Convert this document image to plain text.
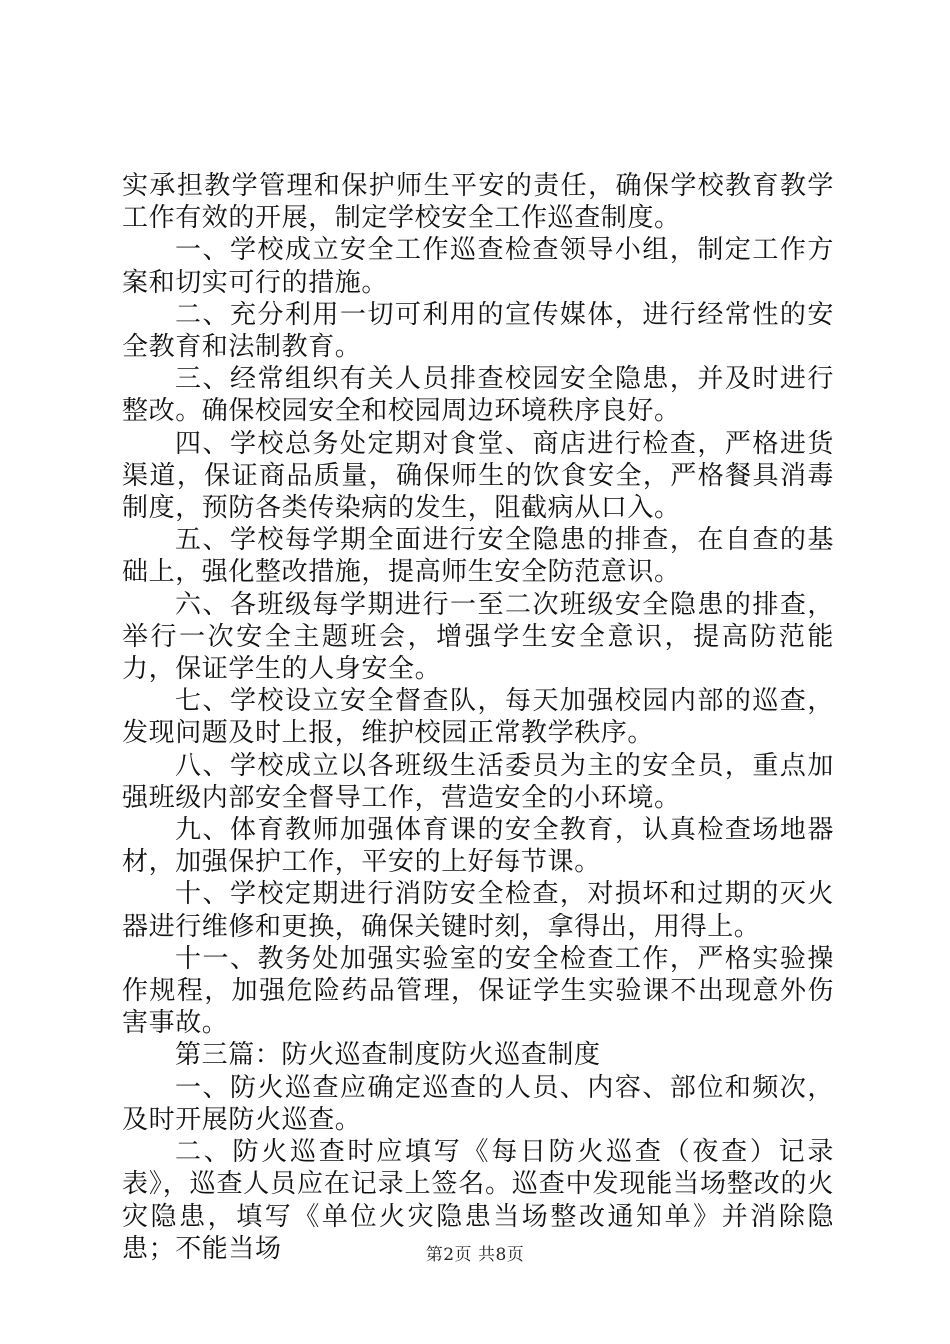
实承担教学管理和保护师生平安的责任，确保学校教育教学工作有效的开展，制定学校安全工作巡查制度。

一、学校成立安全工作巡查检查领导小组，制定工作方案和切实可行的措施。

二、充分利用一切可利用的宣传媒体，进行经常性的安全教育和法制教育。

三、经常组织有关人员排查校园安全隐患，并及时进行整改。确保校园安全和校园周边环境秩序良好。

四、学校总务处定期对食堂、商店进行检查，严格进货渠道，保证商品质量，确保师生的饮食安全，严格餐具消毒制度，预防各类传染病的发生，阻截病从口入。

五、学校每学期全面进行安全隐患的排查，在自查的基础上，强化整改措施，提高师生安全防范意识。

六、各班级每学期进行一至二次班级安全隐患的排查，举行一次安全主题班会，增强学生安全意识，提高防范能力，保证学生的人身安全。

七、学校设立安全督查队，每天加强校园内部的巡查，发现问题及时上报，维护校园正常教学秩序。

八、学校成立以各班级生活委员为主的安全员，重点加强班级内部安全督导工作，营造安全的小环境。

九、体育教师加强体育课的安全教育，认真检查场地器材，加强保护工作，平安的上好每节课。

十、学校定期进行消防安全检查，对损坏和过期的灭火器进行维修和更换，确保关键时刻，拿得出，用得上。

十一、教务处加强实验室的安全检查工作，严格实验操作规程，加强危险药品管理，保证学生实验课不出现意外伤害事故。

第三篇：防火巡查制度防火巡查制度

一、防火巡查应确定巡查的人员、内容、部位和频次，及时开展防火巡查。

二、防火巡查时应填写《每日防火巡查（夜查）记录表》，巡查人员应在记录上签名。巡查中发现能当场整改的火灾隐患，填写《单位火灾隐患当场整改通知单》并消除隐患；不能当场	第2页 共8页
